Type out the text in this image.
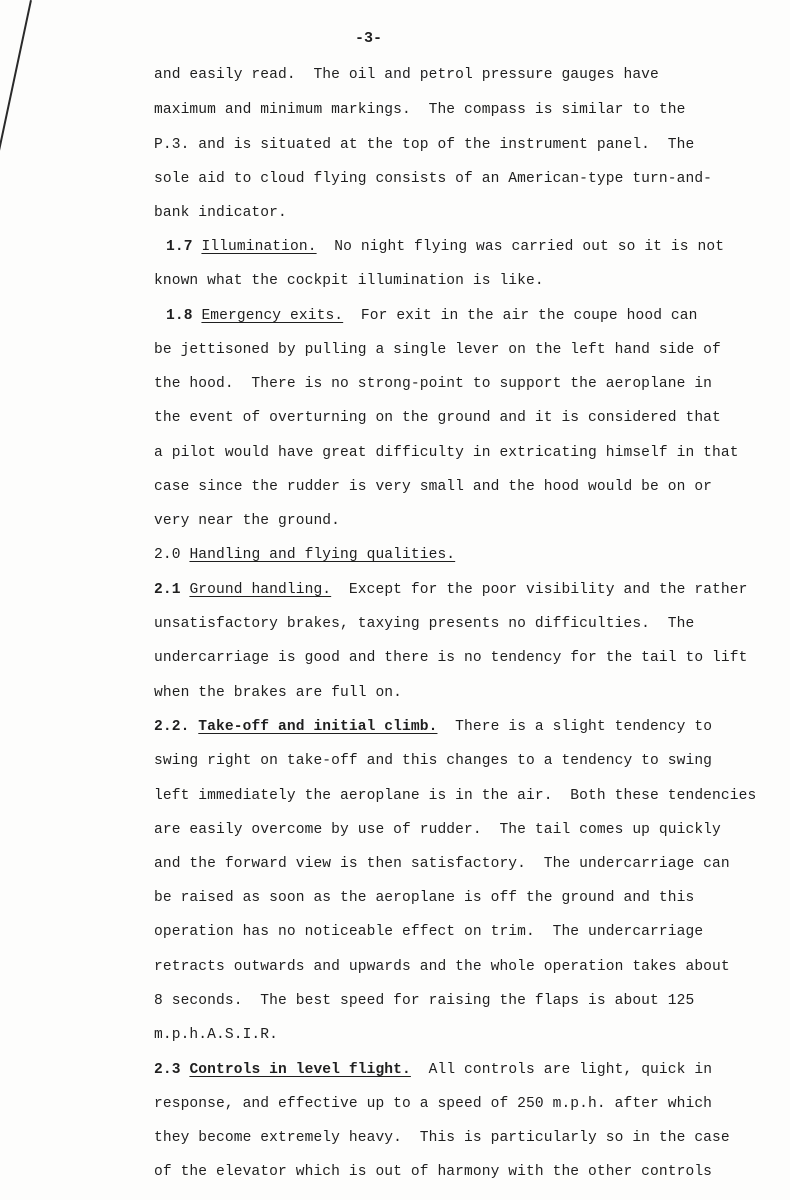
-3-
and easily read.  The oil and petrol pressure gauges have
maximum and minimum markings.  The compass is similar to the
P.3. and is situated at the top of the instrument panel.  The
sole aid to cloud flying consists of an American-type turn-and-
bank indicator.
1.7 Illumination.  No night flying was carried out so it is not
known what the cockpit illumination is like.
1.8 Emergency exits.  For exit in the air the coupe hood can
be jettisoned by pulling a single lever on the left hand side of
the hood.  There is no strong-point to support the aeroplane in
the event of overturning on the ground and it is considered that
a pilot would have great difficulty in extricating himself in that
case since the rudder is very small and the hood would be on or
very near the ground.
2.0 Handling and flying qualities.
2.1 Ground handling.  Except for the poor visibility and the rather
unsatisfactory brakes, taxying presents no difficulties.  The
undercarriage is good and there is no tendency for the tail to lift
when the brakes are full on.
2.2. Take-off and initial climb.  There is a slight tendency to
swing right on take-off and this changes to a tendency to swing
left immediately the aeroplane is in the air.  Both these tendencies
are easily overcome by use of rudder.  The tail comes up quickly
and the forward view is then satisfactory.  The undercarriage can
be raised as soon as the aeroplane is off the ground and this
operation has no noticeable effect on trim.  The undercarriage
retracts outwards and upwards and the whole operation takes about
8 seconds.  The best speed for raising the flaps is about 125
m.p.h.A.S.I.R.
2.3 Controls in level flight.  All controls are light, quick in
response, and effective up to a speed of 250 m.p.h. after which
they become extremely heavy.  This is particularly so in the case
of the elevator which is out of harmony with the other controls
